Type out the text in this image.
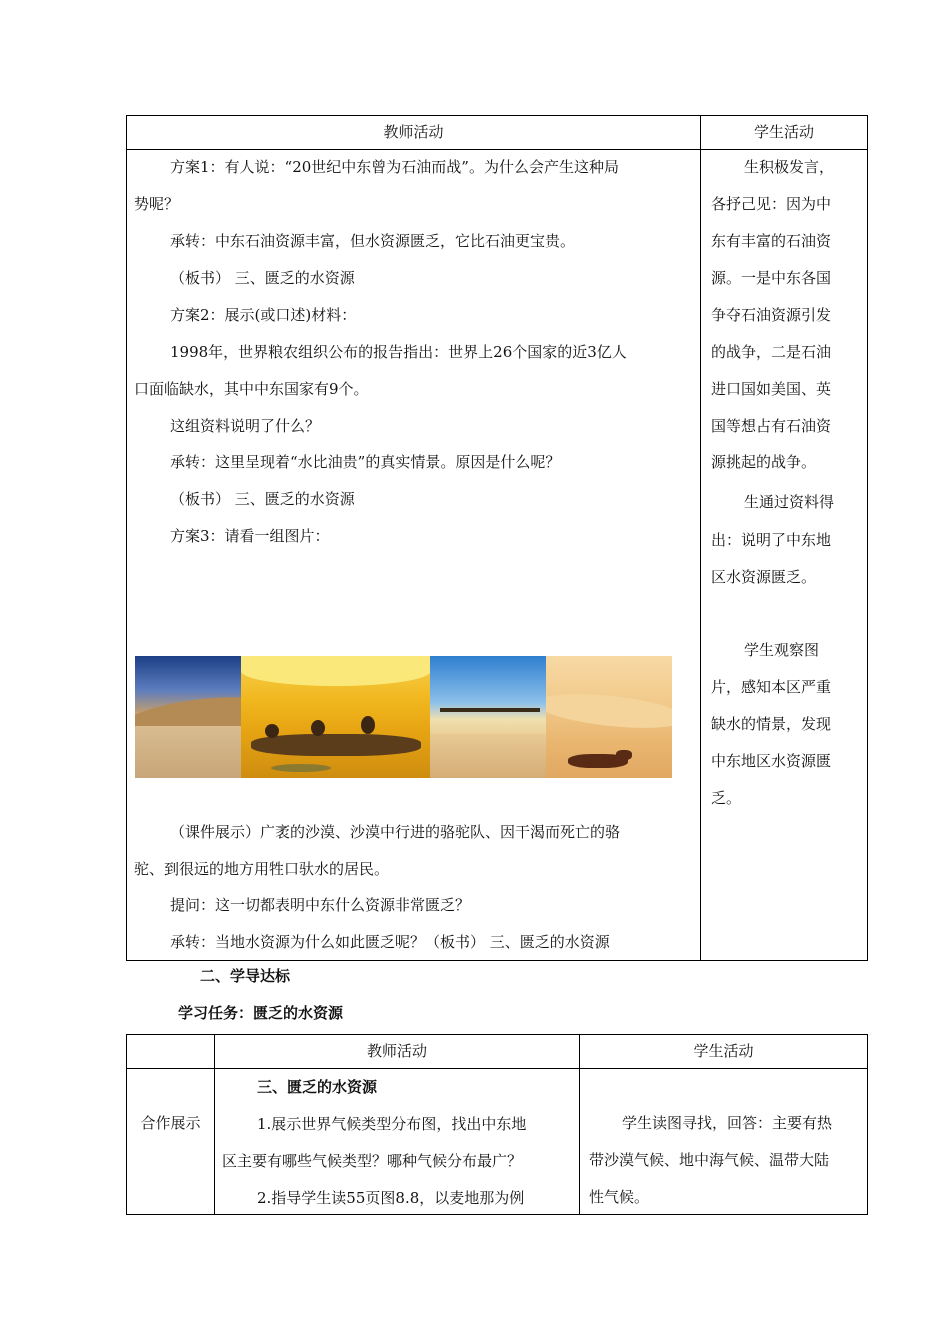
教师活动	学生活动
方案1：有人说：“20世纪中东曾为石油而战”。为什么会产生这种局
势呢？
承转：中东石油资源丰富，但水资源匮乏，它比石油更宝贵。
（板书） 三、匮乏的水资源
方案2：展示(或口述)材料：
1998年，世界粮农组织公布的报告指出：世界上26个国家的近3亿人
口面临缺水，其中中东国家有9个。
这组资料说明了什么？
承转：这里呈现着“水比油贵”的真实情景。原因是什么呢？
（板书） 三、匮乏的水资源
方案3：请看一组图片：
（课件展示）广袤的沙漠、沙漠中行进的骆驼队、因干渴而死亡的骆
驼、到很远的地方用牲口驮水的居民。
提问：这一切都表明中东什么资源非常匮乏？
承转：当地水资源为什么如此匮乏呢？（板书） 三、匮乏的水资源
生积极发言，
各抒己见：因为中
东有丰富的石油资
源。一是中东各国
争夺石油资源引发
的战争，二是石油
进口国如美国、英
国等想占有石油资
源挑起的战争。
生通过资料得
出：说明了中东地
区水资源匮乏。
学生观察图
片，感知本区严重
缺水的情景，发现
中东地区水资源匮
乏。
二、学导达标
学习任务：匮乏的水资源
教师活动	学生活动
合作展示
三、匮乏的水资源
1.展示世界气候类型分布图，找出中东地
区主要有哪些气候类型？哪种气候分布最广？
2.指导学生读55页图8.8，以麦地那为例
学生读图寻找，回答：主要有热
带沙漠气候、地中海气候、温带大陆
性气候。
